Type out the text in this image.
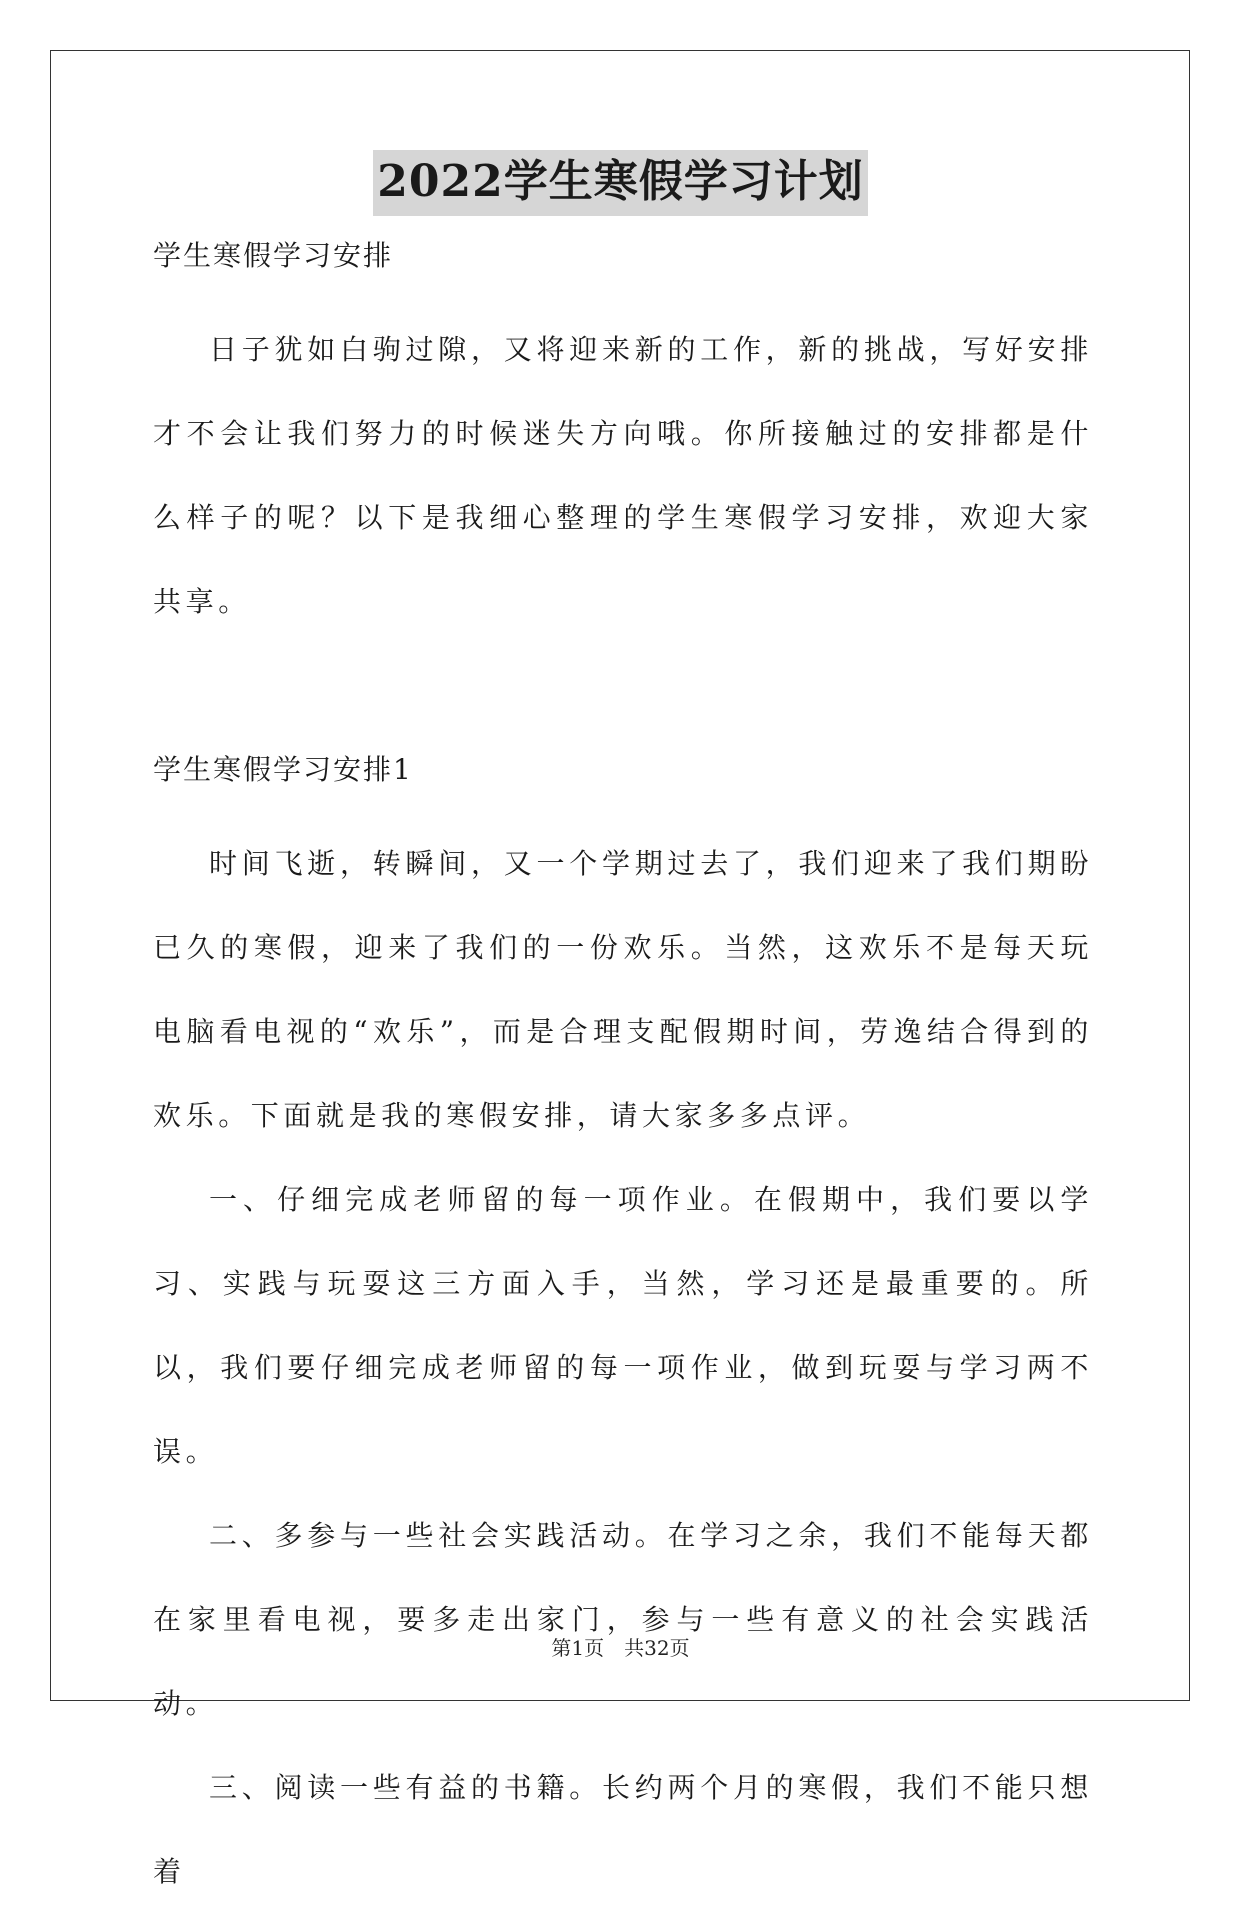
2022学生寒假学习计划

学生寒假学习安排

日子犹如白驹过隙，又将迎来新的工作，新的挑战，写好安排才不会让我们努力的时候迷失方向哦。你所接触过的安排都是什么样子的呢？以下是我细心整理的学生寒假学习安排，欢迎大家共享。

学生寒假学习安排1

时间飞逝，转瞬间，又一个学期过去了，我们迎来了我们期盼已久的寒假，迎来了我们的一份欢乐。当然，这欢乐不是每天玩电脑看电视的“欢乐”，而是合理支配假期时间，劳逸结合得到的欢乐。下面就是我的寒假安排，请大家多多点评。

一、仔细完成老师留的每一项作业。在假期中，我们要以学习、实践与玩耍这三方面入手，当然，学习还是最重要的。所以，我们要仔细完成老师留的每一项作业，做到玩耍与学习两不误。

二、多参与一些社会实践活动。在学习之余，我们不能每天都在家里看电视，要多走出家门，参与一些有意义的社会实践活动。

三、阅读一些有益的书籍。长约两个月的寒假，我们不能只想着

第1页　共32页
